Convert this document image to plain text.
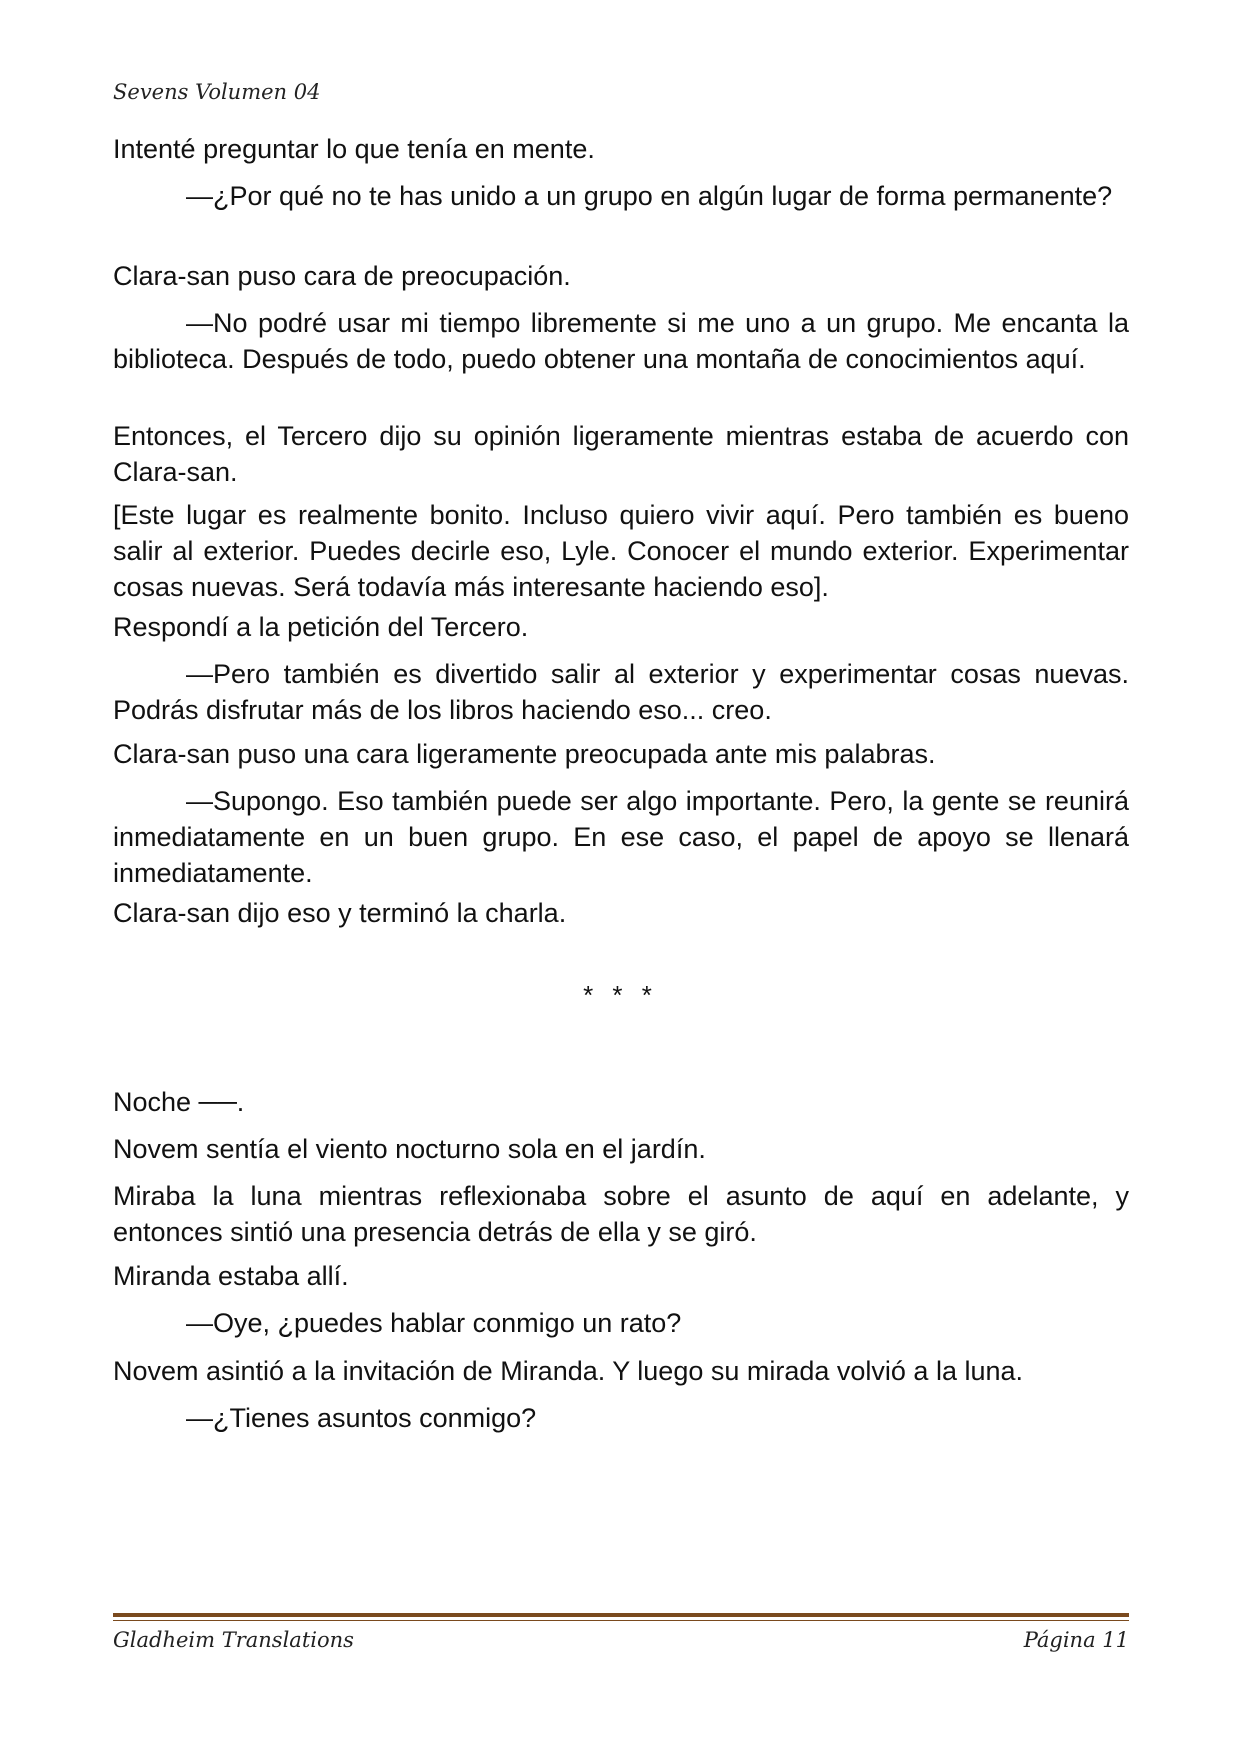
Sevens Volumen 04

Intenté preguntar lo que tenía en mente.

—¿Por qué no te has unido a un grupo en algún lugar de forma permanente?

Clara-san puso cara de preocupación.

—No podré usar mi tiempo libremente si me uno a un grupo. Me encanta la biblioteca. Después de todo, puedo obtener una montaña de conocimientos aquí.

Entonces, el Tercero dijo su opinión ligeramente mientras estaba de acuerdo con Clara-san.

[Este lugar es realmente bonito. Incluso quiero vivir aquí. Pero también es bueno salir al exterior. Puedes decirle eso, Lyle. Conocer el mundo exterior. Experimentar cosas nuevas. Será todavía más interesante haciendo eso].

Respondí a la petición del Tercero.

—Pero también es divertido salir al exterior y experimentar cosas nuevas. Podrás disfrutar más de los libros haciendo eso... creo.

Clara-san puso una cara ligeramente preocupada ante mis palabras.

—Supongo. Eso también puede ser algo importante. Pero, la gente se reunirá inmediatamente en un buen grupo. En ese caso, el papel de apoyo se llenará inmediatamente.

Clara-san dijo eso y terminó la charla.

* * *

Noche ──.

Novem sentía el viento nocturno sola en el jardín.

Miraba la luna mientras reflexionaba sobre el asunto de aquí en adelante, y entonces sintió una presencia detrás de ella y se giró.

Miranda estaba allí.

—Oye, ¿puedes hablar conmigo un rato?

Novem asintió a la invitación de Miranda. Y luego su mirada volvió a la luna.

—¿Tienes asuntos conmigo?

Gladheim Translations	Página 11
